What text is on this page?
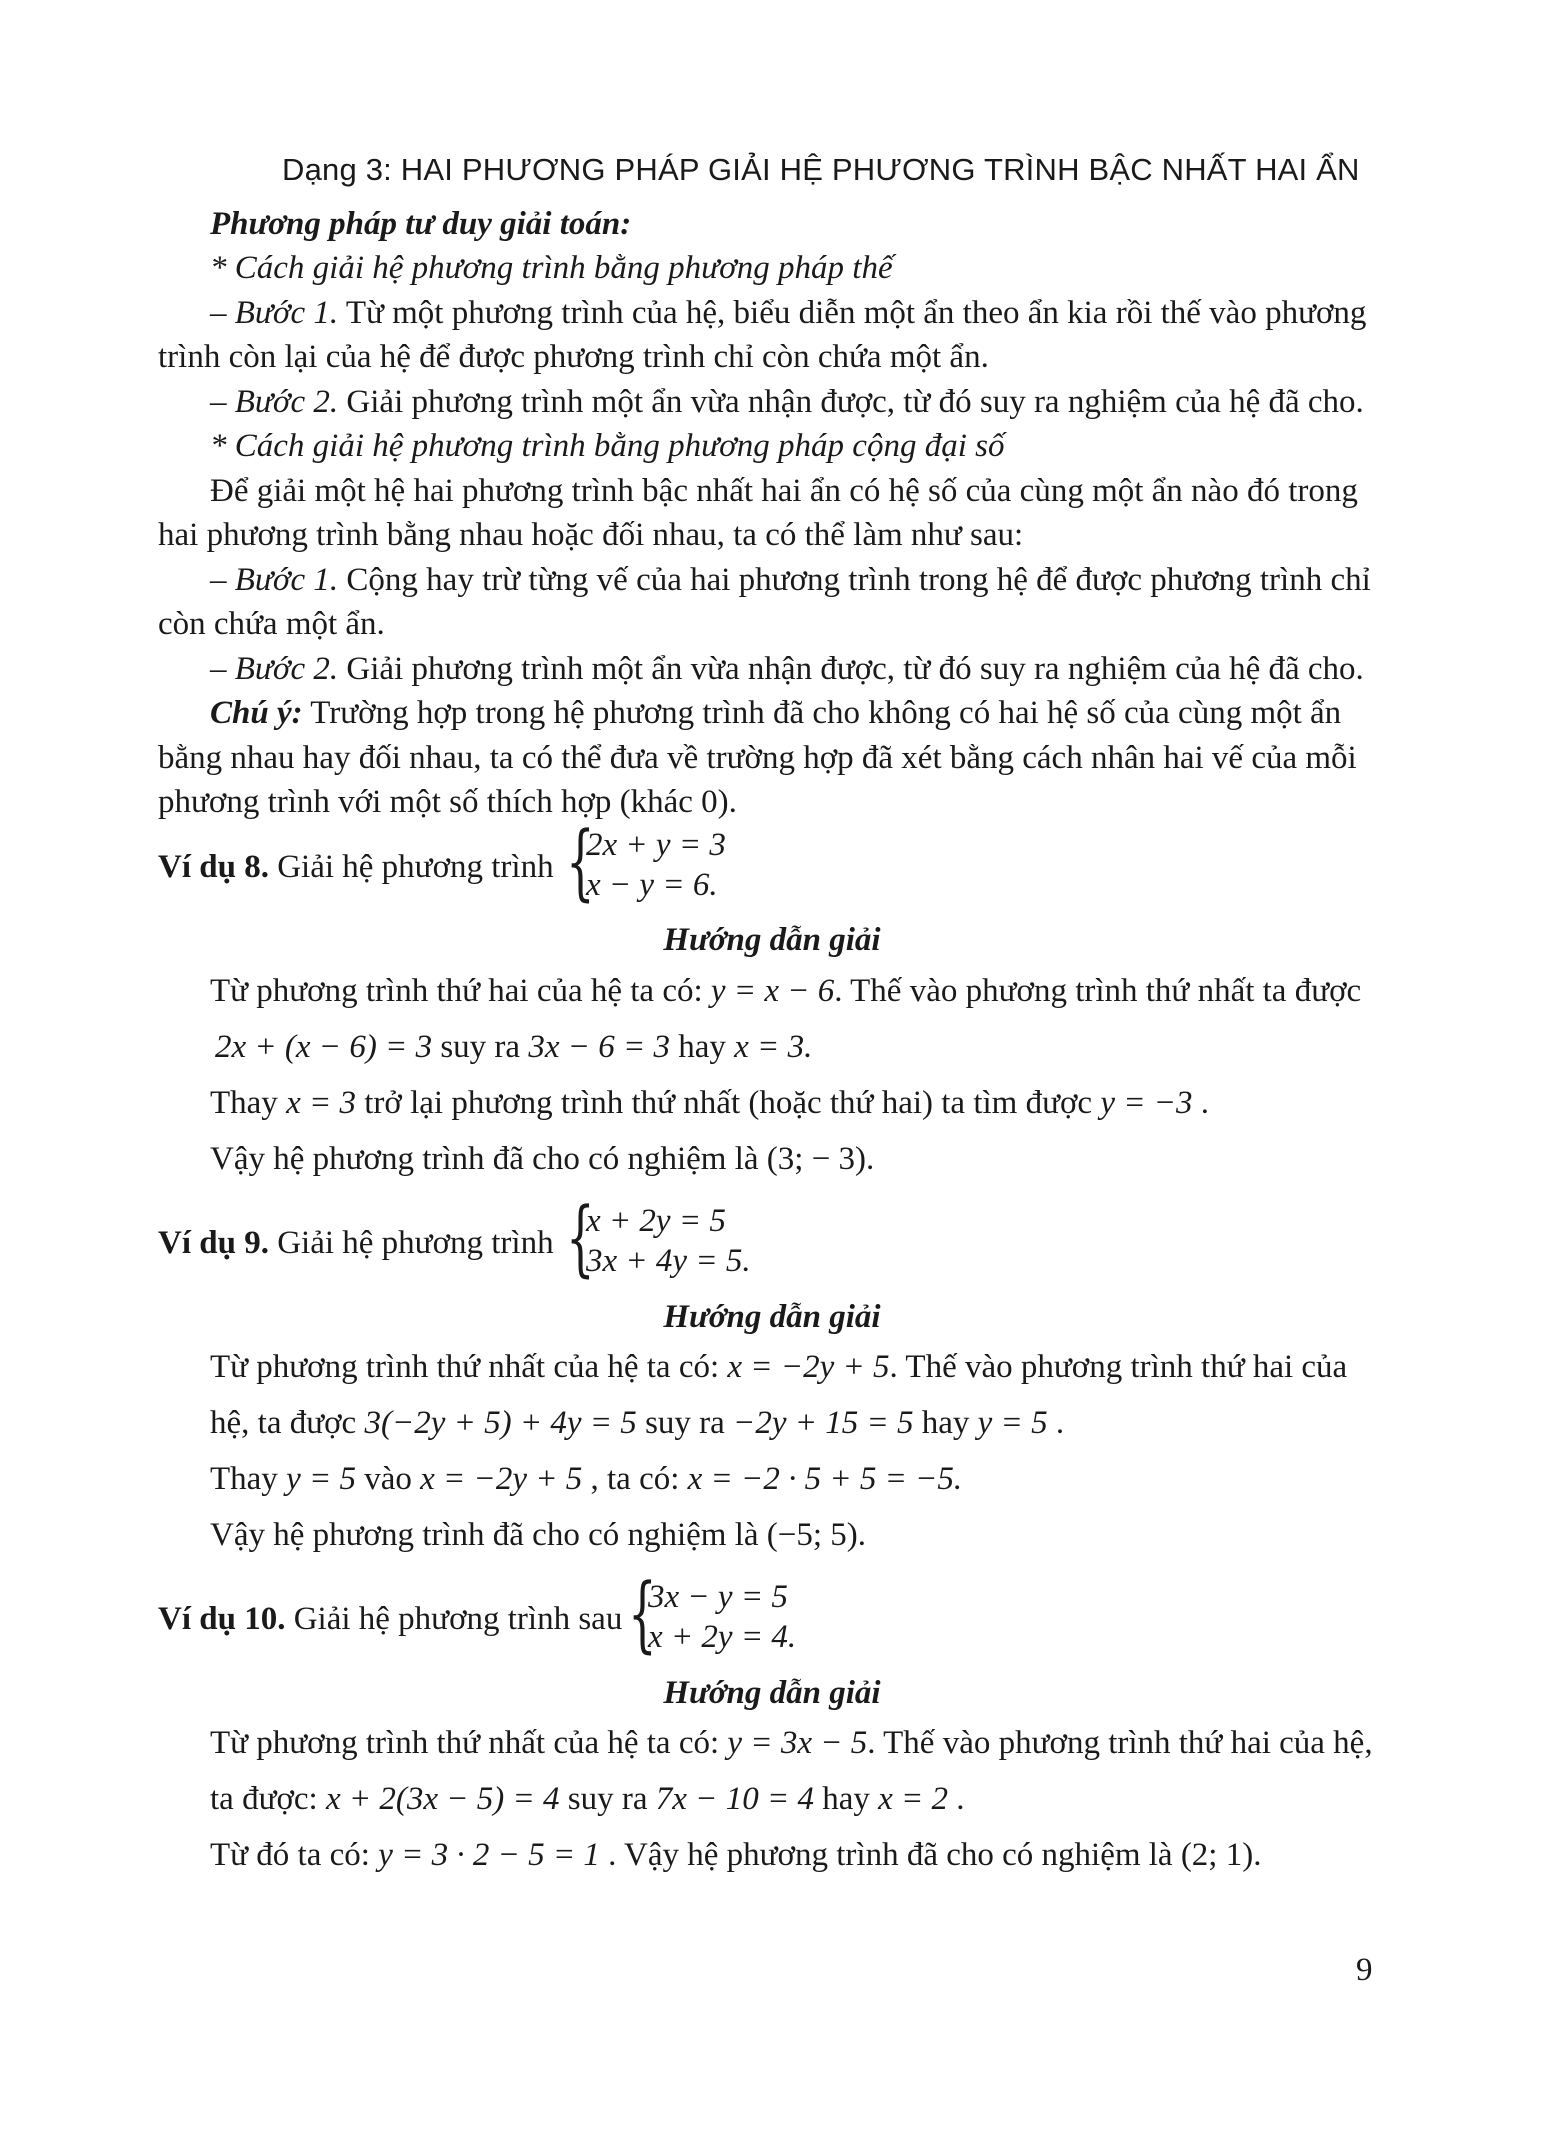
Dạng 3: HAI PHƯƠNG PHÁP GIẢI HỆ PHƯƠNG TRÌNH BẬC NHẤT HAI ẨN
Phương pháp tư duy giải toán:
* Cách giải hệ phương trình bằng phương pháp thế
– Bước 1. Từ một phương trình của hệ, biểu diễn một ẩn theo ẩn kia rồi thế vào phương
trình còn lại của hệ để được phương trình chỉ còn chứa một ẩn.
– Bước 2. Giải phương trình một ẩn vừa nhận được, từ đó suy ra nghiệm của hệ đã cho.
* Cách giải hệ phương trình bằng phương pháp cộng đại số
Để giải một hệ hai phương trình bậc nhất hai ẩn có hệ số của cùng một ẩn nào đó trong
hai phương trình bằng nhau hoặc đối nhau, ta có thể làm như sau:
– Bước 1. Cộng hay trừ từng vế của hai phương trình trong hệ để được phương trình chỉ
còn chứa một ẩn.
– Bước 2. Giải phương trình một ẩn vừa nhận được, từ đó suy ra nghiệm của hệ đã cho.
Chú ý: Trường hợp trong hệ phương trình đã cho không có hai hệ số của cùng một ẩn
bằng nhau hay đối nhau, ta có thể đưa về trường hợp đã xét bằng cách nhân hai vế của mỗi
phương trình với một số thích hợp (khác 0).
Ví dụ 8. Giải hệ phương trình {
2x + y = 3
x − y = 6.
Hướng dẫn giải
Từ phương trình thứ hai của hệ ta có: y = x − 6. Thế vào phương trình thứ nhất ta được
2x + (x − 6) = 3 suy ra 3x − 6 = 3 hay x = 3.
Thay x = 3 trở lại phương trình thứ nhất (hoặc thứ hai) ta tìm được y = −3 .
Vậy hệ phương trình đã cho có nghiệm là (3; − 3).
Ví dụ 9. Giải hệ phương trình {
x + 2y = 5
3x + 4y = 5.
Hướng dẫn giải
Từ phương trình thứ nhất của hệ ta có: x = −2y + 5. Thế vào phương trình thứ hai của
hệ, ta được 3(−2y + 5) + 4y = 5 suy ra −2y + 15 = 5 hay y = 5 .
Thay y = 5 vào x = −2y + 5 , ta có: x = −2 · 5 + 5 = −5.
Vậy hệ phương trình đã cho có nghiệm là (−5; 5).
Ví dụ 10. Giải hệ phương trình sau {
3x − y = 5
x + 2y = 4.
Hướng dẫn giải
Từ phương trình thứ nhất của hệ ta có: y = 3x − 5. Thế vào phương trình thứ hai của hệ,
ta được: x + 2(3x − 5) = 4 suy ra 7x − 10 = 4 hay x = 2 .
Từ đó ta có: y = 3 · 2 − 5 = 1 . Vậy hệ phương trình đã cho có nghiệm là (2; 1).
9
